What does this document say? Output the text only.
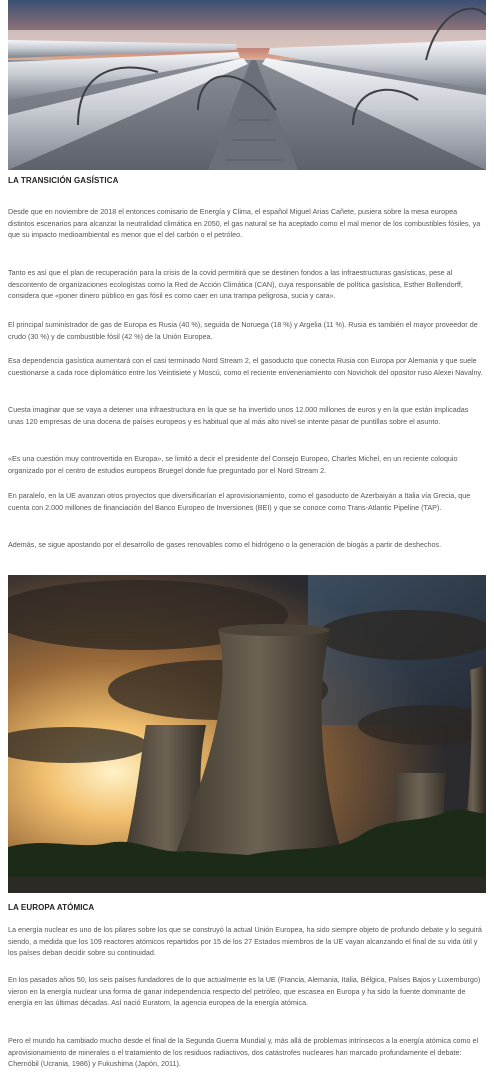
LA TRANSICIÓN GASÍSTICA

Desde que en noviembre de 2018 el entonces comisario de Energía y Clima, el español Miguel Arias Cañete, pusiera sobre la mesa europea distintos escenarios para alcanzar la neutralidad climática en 2050, el gas natural se ha aceptado como el mal menor de los combustibles fósiles, ya que su impacto medioambiental es menor que el del carbón o el petróleo.

Tanto es así que el plan de recuperación para la crisis de la covid permitirá que se destinen fondos a las infraestructuras gasísticas, pese al descontento de organizaciones ecologistas como la Red de Acción Climática (CAN), cuya responsable de política gasística, Esther Bollendorff, considera que «poner dinero público en gas fósil es como caer en una trampa peligrosa, sucia y cara».

El principal suministrador de gas de Europa es Rusia (40 %), seguida de Noruega (18 %) y Argelia (11 %). Rusia es también el mayor proveedor de crudo (30 %) y de combustible fósil (42 %) de la Unión Europea.

Esa dependencia gasística aumentará con el casi terminado Nord Stream 2, el gasoducto que conecta Rusia con Europa por Alemania y que suele cuestionarse a cada roce diplomático entre los Veintisiete y Moscú, como el reciente envenenamiento con Novichok del opositor ruso Alexei Navalny.

Cuesta imaginar que se vaya a detener una infraestructura en la que se ha invertido unos 12.000 millones de euros y en la que están implicadas unas 120 empresas de una docena de países europeos y es habitual que al más alto nivel se intente pasar de puntillas sobre el asunto.

«Es una cuestión muy controvertida en Europa», se limitó a decir el presidente del Consejo Europeo, Charles Michel, en un reciente coloquio organizado por el centro de estudios europeos Bruegel donde fue preguntado por el Nord Stream 2.

En paralelo, en la UE avanzan otros proyectos que diversificarían el aprovisionamiento, como el gasoducto de Azerbaiyán a Italia vía Grecia, que cuenta con 2.000 millones de financiación del Banco Europeo de Inversiones (BEI) y que se conoce como Trans-Atlantic Pipeline (TAP).

Además, se sigue apostando por el desarrollo de gases renovables como el hidrógeno o la generación de biogás a partir de deshechos.

LA EUROPA ATÓMICA

La energía nuclear es uno de los pilares sobre los que se construyó la actual Unión Europea, ha sido siempre objeto de profundo debate y lo seguirá siendo, a medida que los 109 reactores atómicos repartidos por 15 de los 27 Estados miembros de la UE vayan alcanzando el final de su vida útil y los países deban decidir sobre su continuidad.

En los pasados años 50, los seis países fundadores de lo que actualmente es la UE (Francia, Alemania, Italia, Bélgica, Países Bajos y Luxemburgo) vieron en la energía nuclear una forma de ganar independencia respecto del petróleo, que escasea en Europa y ha sido la fuente dominante de energía en las últimas décadas. Así nació Euratom, la agencia europea de la energía atómica.

Pero el mundo ha cambiado mucho desde el final de la Segunda Guerra Mundial y, más allá de problemas intrínsecos a la energía atómica como el aprovisionamiento de minerales o el tratamiento de los residuos radiactivos, dos catástrofes nucleares han marcado profundamente el debate: Chernóbil (Ucrania, 1986) y Fukushima (Japón, 2011).
